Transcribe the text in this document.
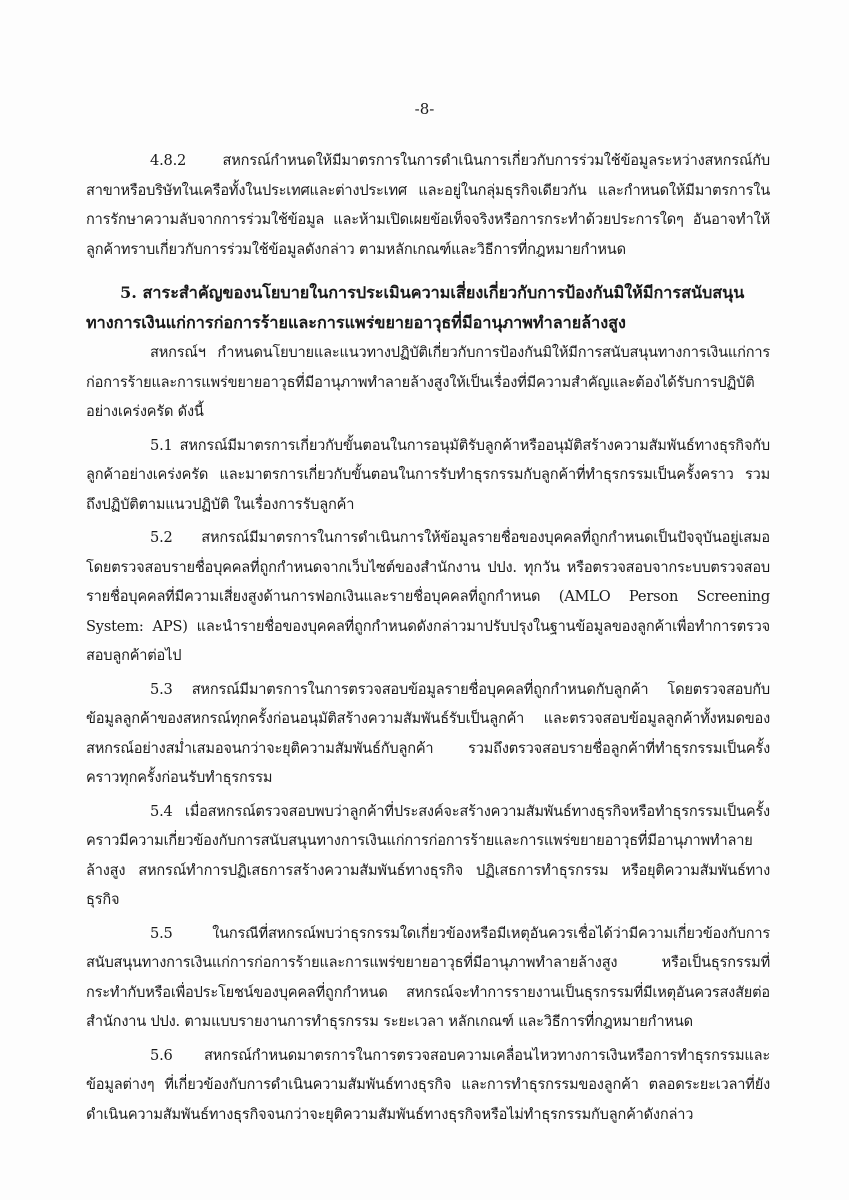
-8-

4.8.2 สหกรณ์กำหนดให้มีมาตรการในการดำเนินการเกี่ยวกับการร่วมใช้ข้อมูลระหว่างสหกรณ์กับสาขาหรือบริษัทในเครือทั้งในประเทศและต่างประเทศ และอยู่ในกลุ่มธุรกิจเดียวกัน และกำหนดให้มีมาตรการในการรักษาความลับจากการร่วมใช้ข้อมูล และห้ามเปิดเผยข้อเท็จจริงหรือการกระทำด้วยประการใดๆ อันอาจทำให้ลูกค้าทราบเกี่ยวกับการร่วมใช้ข้อมูลดังกล่าว ตามหลักเกณฑ์และวิธีการที่กฎหมายกำหนด

5. สาระสำคัญของนโยบายในการประเมินความเสี่ยงเกี่ยวกับการป้องกันมิให้มีการสนับสนุนทางการเงินแก่การก่อการร้ายและการแพร่ขยายอาวุธที่มีอานุภาพทำลายล้างสูง

สหกรณ์ฯ กำหนดนโยบายและแนวทางปฏิบัติเกี่ยวกับการป้องกันมิให้มีการสนับสนุนทางการเงินแก่การก่อการร้ายและการแพร่ขยายอาวุธที่มีอานุภาพทำลายล้างสูงให้เป็นเรื่องที่มีความสำคัญและต้องได้รับการปฏิบัติอย่างเคร่งครัด ดังนี้

5.1 สหกรณ์มีมาตรการเกี่ยวกับขั้นตอนในการอนุมัติรับลูกค้าหรืออนุมัติสร้างความสัมพันธ์ทางธุรกิจกับลูกค้าอย่างเคร่งครัด และมาตรการเกี่ยวกับขั้นตอนในการรับทำธุรกรรมกับลูกค้าที่ทำธุรกรรมเป็นครั้งคราว รวมถึงปฏิบัติตามแนวปฏิบัติ ในเรื่องการรับลูกค้า

5.2 สหกรณ์มีมาตรการในการดำเนินการให้ข้อมูลรายชื่อของบุคคลที่ถูกกำหนดเป็นปัจจุบันอยู่เสมอ โดยตรวจสอบรายชื่อบุคคลที่ถูกกำหนดจากเว็บไซต์ของสำนักงาน ปปง. ทุกวัน หรือตรวจสอบจากระบบตรวจสอบรายชื่อบุคคลที่มีความเสี่ยงสูงด้านการฟอกเงินและรายชื่อบุคคลที่ถูกกำหนด (AMLO Person Screening System: APS) และนำรายชื่อของบุคคลที่ถูกกำหนดดังกล่าวมาปรับปรุงในฐานข้อมูลของลูกค้าเพื่อทำการตรวจสอบลูกค้าต่อไป

5.3 สหกรณ์มีมาตรการในการตรวจสอบข้อมูลรายชื่อบุคคลที่ถูกกำหนดกับลูกค้า โดยตรวจสอบกับข้อมูลลูกค้าของสหกรณ์ทุกครั้งก่อนอนุมัติสร้างความสัมพันธ์รับเป็นลูกค้า และตรวจสอบข้อมูลลูกค้าทั้งหมดของสหกรณ์อย่างสม่ำเสมอจนกว่าจะยุติความสัมพันธ์กับลูกค้า รวมถึงตรวจสอบรายชื่อลูกค้าที่ทำธุรกรรมเป็นครั้งคราวทุกครั้งก่อนรับทำธุรกรรม

5.4 เมื่อสหกรณ์ตรวจสอบพบว่าลูกค้าที่ประสงค์จะสร้างความสัมพันธ์ทางธุรกิจหรือทำธุรกรรมเป็นครั้งคราวมีความเกี่ยวข้องกับการสนับสนุนทางการเงินแก่การก่อการร้ายและการแพร่ขยายอาวุธที่มีอานุภาพทำลายล้างสูง สหกรณ์ทำการปฏิเสธการสร้างความสัมพันธ์ทางธุรกิจ ปฏิเสธการทำธุรกรรม หรือยุติความสัมพันธ์ทางธุรกิจ

5.5 ในกรณีที่สหกรณ์พบว่าธุรกรรมใดเกี่ยวข้องหรือมีเหตุอันควรเชื่อได้ว่ามีความเกี่ยวข้องกับการสนับสนุนทางการเงินแก่การก่อการร้ายและการแพร่ขยายอาวุธที่มีอานุภาพทำลายล้างสูง หรือเป็นธุรกรรมที่กระทำกับหรือเพื่อประโยชน์ของบุคคลที่ถูกกำหนด สหกรณ์จะทำการรายงานเป็นธุรกรรมที่มีเหตุอันควรสงสัยต่อสำนักงาน ปปง. ตามแบบรายงานการทำธุรกรรม ระยะเวลา หลักเกณฑ์ และวิธีการที่กฎหมายกำหนด

5.6 สหกรณ์กำหนดมาตรการในการตรวจสอบความเคลื่อนไหวทางการเงินหรือการทำธุรกรรมและข้อมูลต่างๆ ที่เกี่ยวข้องกับการดำเนินความสัมพันธ์ทางธุรกิจ และการทำธุรกรรมของลูกค้า ตลอดระยะเวลาที่ยังดำเนินความสัมพันธ์ทางธุรกิจจนกว่าจะยุติความสัมพันธ์ทางธุรกิจหรือไม่ทำธุรกรรมกับลูกค้าดังกล่าว
